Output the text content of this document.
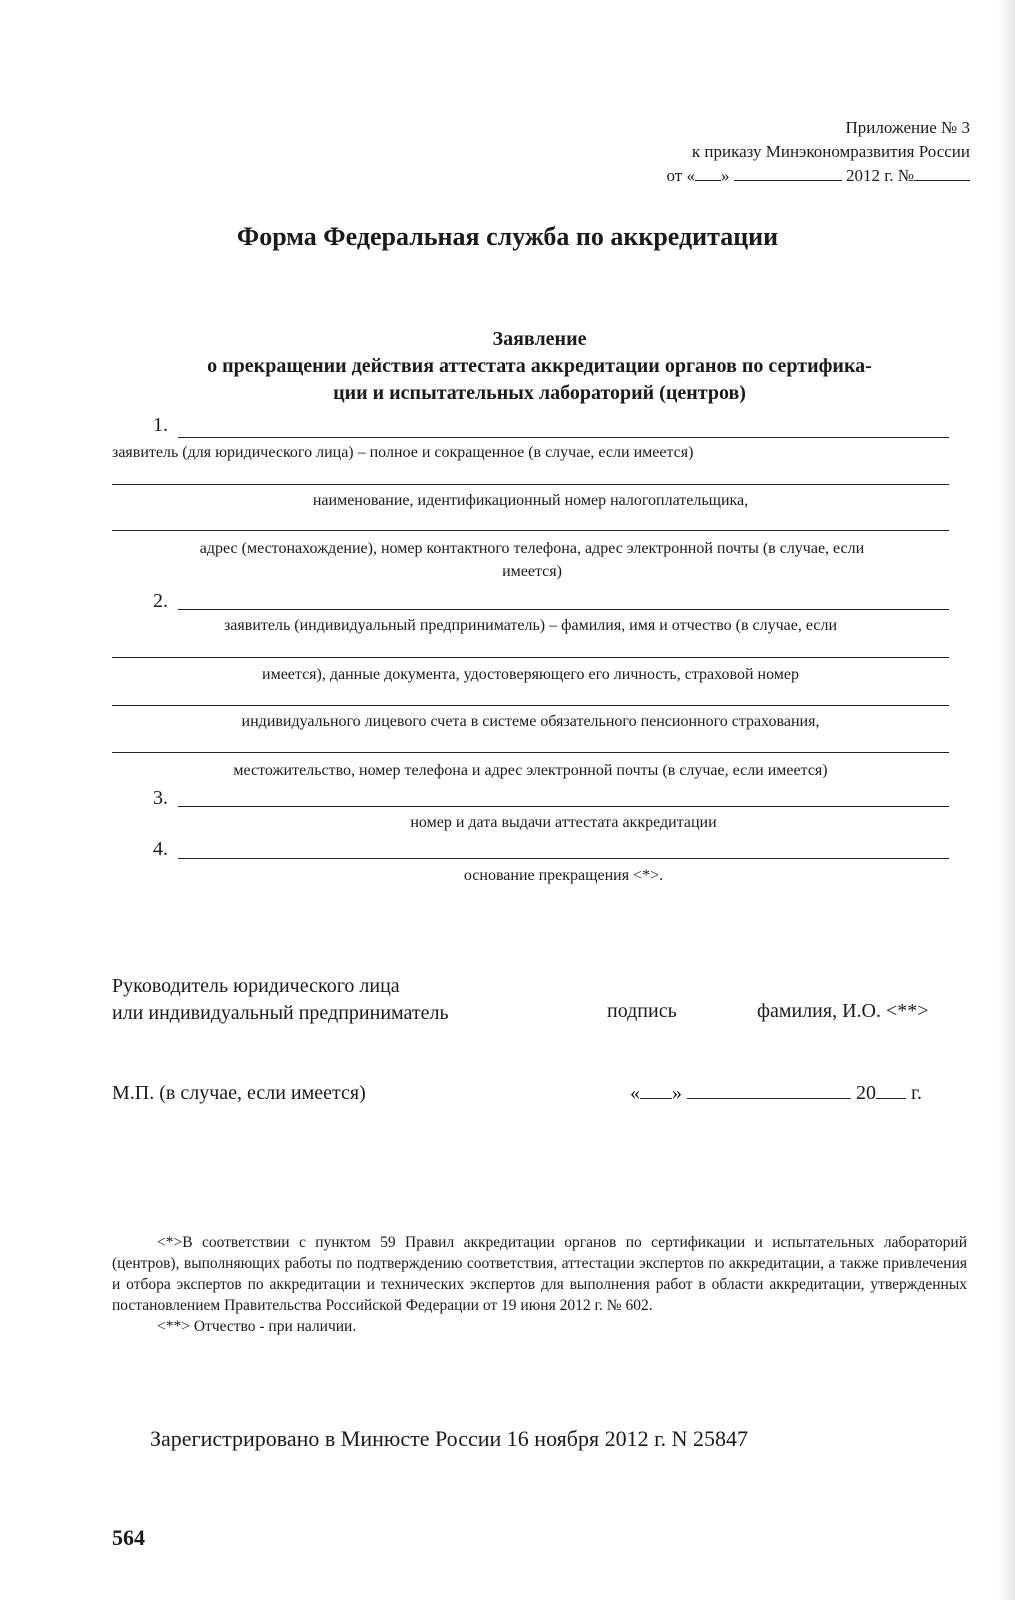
Приложение № 3
к приказу Минэкономразвития России
от « »	2012 г. №
Форма Федеральная служба по аккредитации
Заявление
о прекращении действия аттестата аккредитации органов по сертифика-
ции и испытательных лабораторий (центров)
1.
заявитель (для юридического лица) – полное и сокращенное (в случае, если имеется)
наименование, идентификационный номер налогоплательщика,
адрес (местонахождение), номер контактного телефона, адрес электронной почты (в случае, если
имеется)
2.
заявитель (индивидуальный предприниматель) – фамилия, имя и отчество (в случае, если
имеется), данные документа, удостоверяющего его личность, страховой номер
индивидуального лицевого счета в системе обязательного пенсионного страхования,
местожительство, номер телефона и адрес электронной почты (в случае, если имеется)
3.
номер и дата выдачи аттестата аккредитации
4.
основание прекращения <*>.
Руководитель юридического лица
или индивидуальный предприниматель	подпись	фамилия, И.О. <**>
М.П. (в случае, если имеется)	« »	20 г.

<*>В соответствии с пунктом 59 Правил аккредитации органов по сертификации и испытательных лабораторий (центров), выполняющих работы по подтверждению соответствия, аттестации экспертов по аккредитации, а также привлечения и отбора экспертов по аккредитации и технических экспертов для выполнения работ в области аккредитации, утвержденных постановлением Правительства Российской Федерации от 19 июня 2012 г. № 602.

<**> Отчество - при наличии.

Зарегистрировано в Минюсте России 16 ноября 2012 г. N 25847
564
